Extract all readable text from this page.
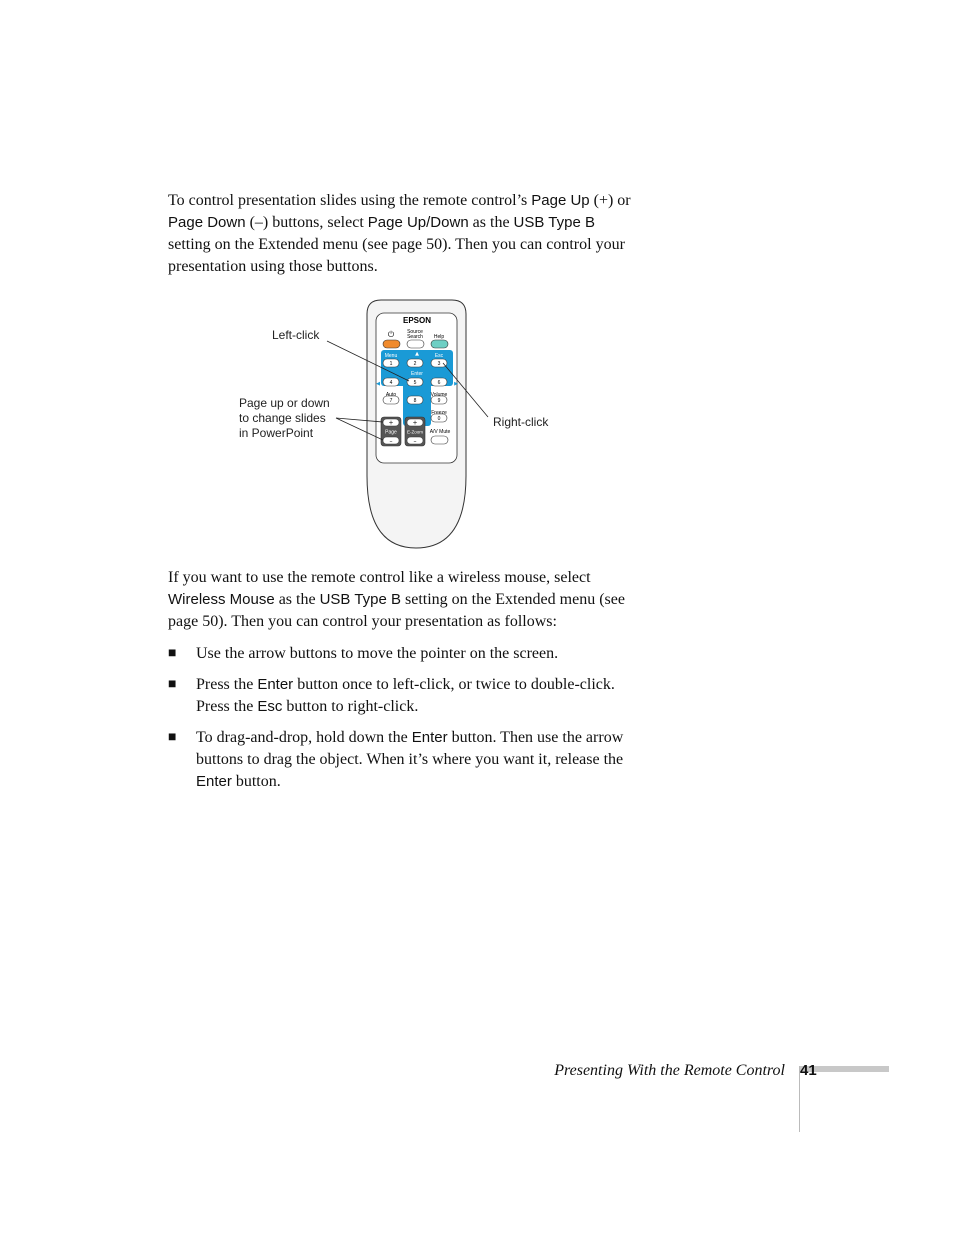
To control presentation slides using the remote control’s Page Up (+) or Page Down (–) buttons, select Page Up/Down as the USB Type B setting on the Extended menu (see page 50). Then you can control your presentation using those buttons.

EPSON
⏻	Source
Search Help
Menu	▲	Esc
Enter
◀	▶
▼
1	2	3
4	5	6
7	8	9
0
Auto	Volume
Freeze
+	+
–	–
Page E-Zoom A/V Mute
Left-click
Page up or down
to change slides
in PowerPoint
Right-click

If you want to use the remote control like a wireless mouse, select Wireless Mouse as the USB Type B setting on the Extended menu (see page 50). Then you can control your presentation as follows:

■ Use the arrow buttons to move the pointer on the screen.
■ Press the Enter button once to left-click, or twice to double-click. Press the Esc button to right-click.
■ To drag-and-drop, hold down the Enter button. Then use the arrow buttons to drag the object. When it’s where you want it, release the Enter button.
Presenting With the Remote Control 41
